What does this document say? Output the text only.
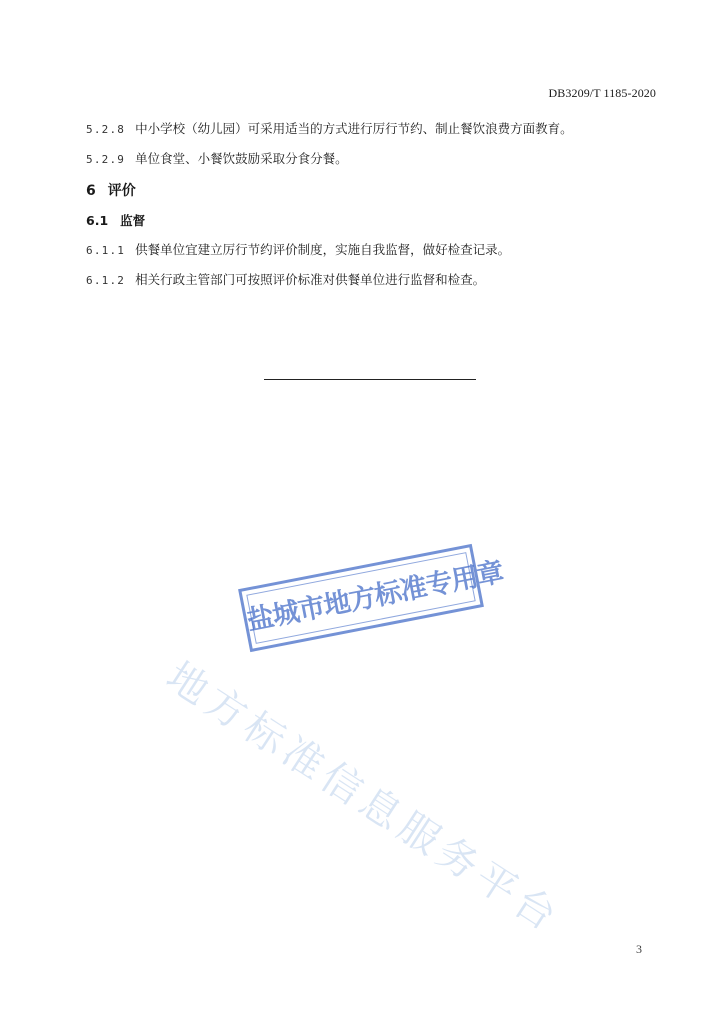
DB3209/T 1185-2020
5.2.8 中小学校（幼儿园）可采用适当的方式进行厉行节约、制止餐饮浪费方面教育。
5.2.9 单位食堂、小餐饮鼓励采取分食分餐。
6 评价
6.1 监督
6.1.1 供餐单位宜建立厉行节约评价制度，实施自我监督，做好检查记录。
6.1.2 相关行政主管部门可按照评价标准对供餐单位进行监督和检查。
地方标准信息服务平台
盐城市地方标准专用章
3
